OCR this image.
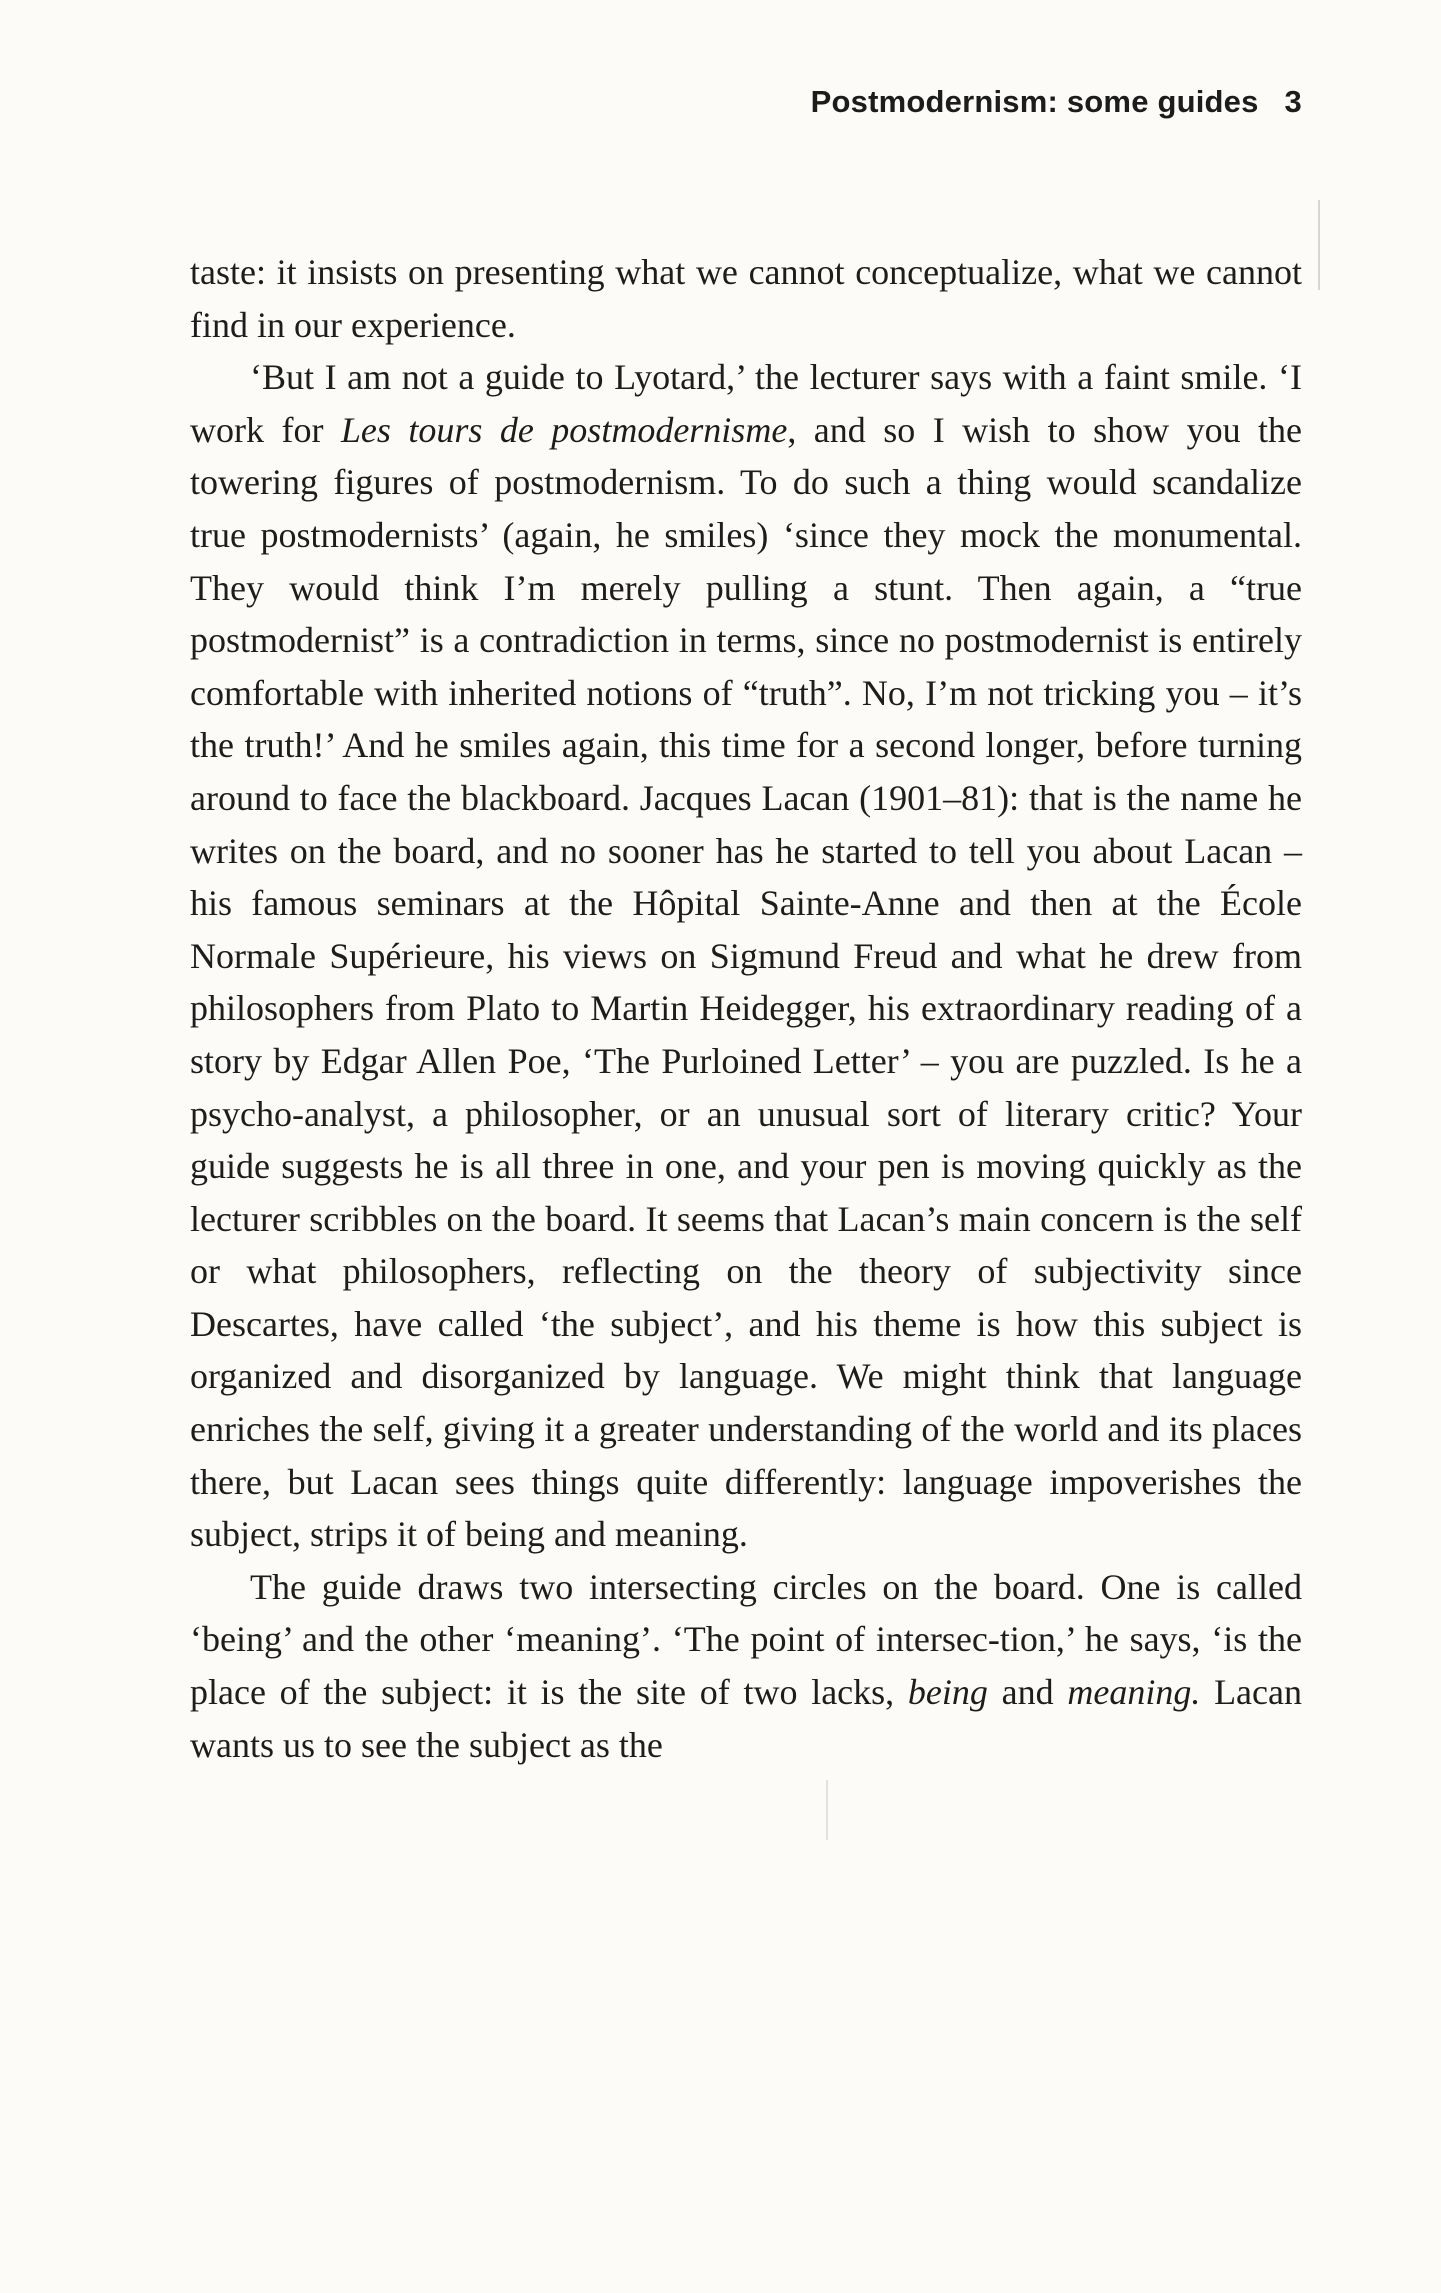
Postmodernism: some guides 3

taste: it insists on presenting what we cannot conceptualize, what we cannot find in our experience.

‘But I am not a guide to Lyotard,’ the lecturer says with a faint smile. ‘I work for Les tours de postmodernisme, and so I wish to show you the towering figures of postmodernism. To do such a thing would scandalize true postmodernists’ (again, he smiles) ‘since they mock the monumental. They would think I’m merely pulling a stunt. Then again, a “true postmodernist” is a contradiction in terms, since no postmodernist is entirely comfortable with inherited notions of “truth”. No, I’m not tricking you – it’s the truth!’ And he smiles again, this time for a second longer, before turning around to face the blackboard. Jacques Lacan (1901–81): that is the name he writes on the board, and no sooner has he started to tell you about Lacan – his famous seminars at the Hôpital Sainte-Anne and then at the École Normale Supérieure, his views on Sigmund Freud and what he drew from philosophers from Plato to Martin Heidegger, his extraordinary reading of a story by Edgar Allen Poe, ‘The Purloined Letter’ – you are puzzled. Is he a psycho-analyst, a philosopher, or an unusual sort of literary critic? Your guide suggests he is all three in one, and your pen is moving quickly as the lecturer scribbles on the board. It seems that Lacan’s main concern is the self or what philosophers, reflecting on the theory of subjectivity since Descartes, have called ‘the subject’, and his theme is how this subject is organized and disorganized by language. We might think that language enriches the self, giving it a greater understanding of the world and its places there, but Lacan sees things quite differently: language impoverishes the subject, strips it of being and meaning.

The guide draws two intersecting circles on the board. One is called ‘being’ and the other ‘meaning’. ‘The point of intersec-tion,’ he says, ‘is the place of the subject: it is the site of two lacks, being and meaning. Lacan wants us to see the subject as the
